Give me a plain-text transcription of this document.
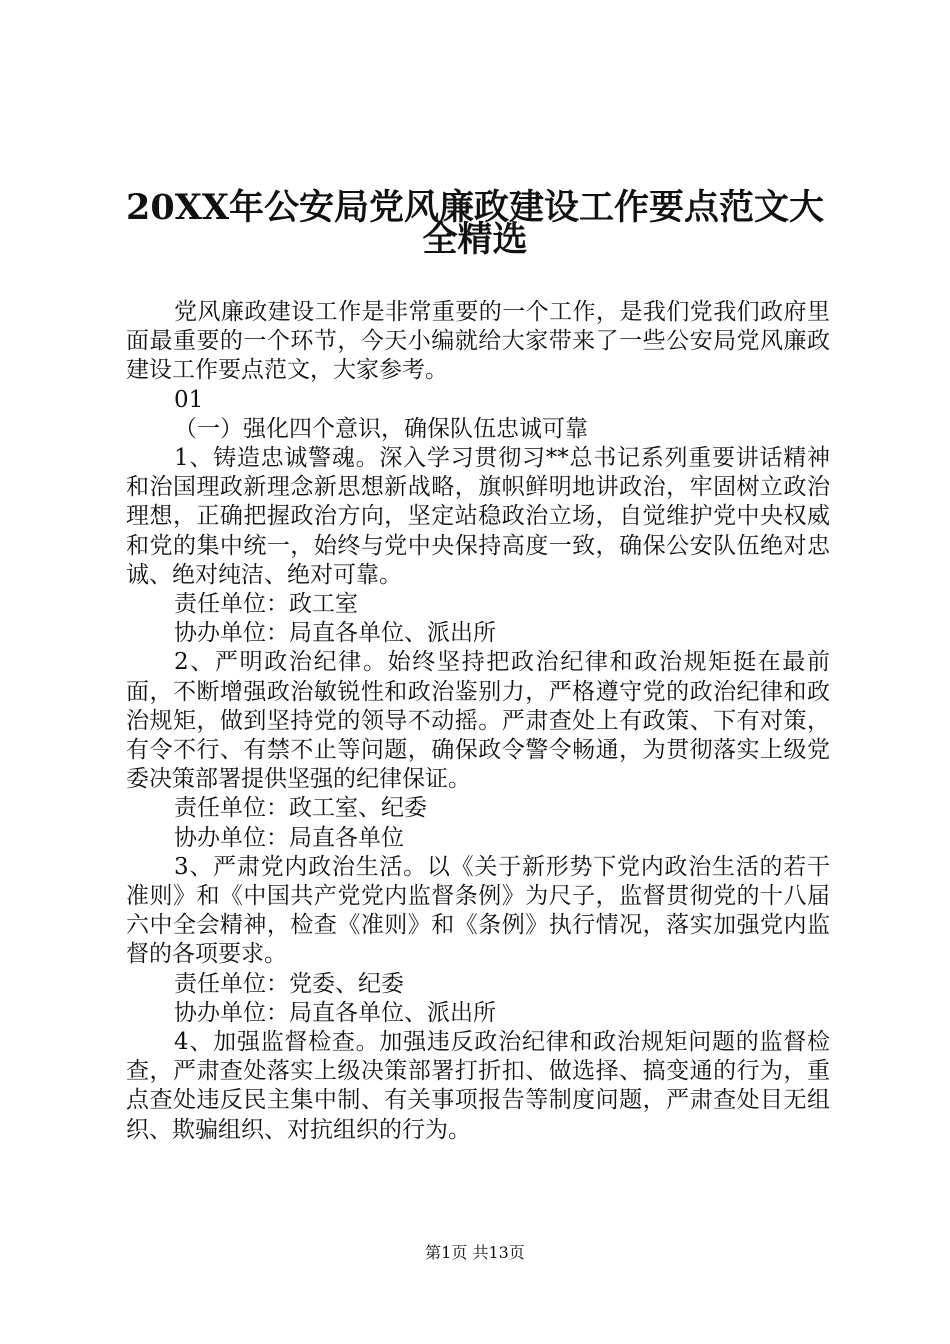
20XX年公安局党风廉政建设工作要点范文大
全精选

党风廉政建设工作是非常重要的一个工作，是我们党我们政府里面最重要的一个环节，今天小编就给大家带来了一些公安局党风廉政建设工作要点范文，大家参考。

01

（一）强化四个意识，确保队伍忠诚可靠

1、铸造忠诚警魂。深入学习贯彻习**总书记系列重要讲话精神和治国理政新理念新思想新战略，旗帜鲜明地讲政治，牢固树立政治理想，正确把握政治方向，坚定站稳政治立场，自觉维护党中央权威和党的集中统一，始终与党中央保持高度一致，确保公安队伍绝对忠诚、绝对纯洁、绝对可靠。

责任单位：政工室

协办单位：局直各单位、派出所

2、严明政治纪律。始终坚持把政治纪律和政治规矩挺在最前面，不断增强政治敏锐性和政治鉴别力，严格遵守党的政治纪律和政治规矩，做到坚持党的领导不动摇。严肃查处上有政策、下有对策，有令不行、有禁不止等问题，确保政令警令畅通，为贯彻落实上级党委决策部署提供坚强的纪律保证。

责任单位：政工室、纪委

协办单位：局直各单位

3、严肃党内政治生活。以《关于新形势下党内政治生活的若干准则》和《中国共产党党内监督条例》为尺子，监督贯彻党的十八届六中全会精神，检查《准则》和《条例》执行情况，落实加强党内监督的各项要求。

责任单位：党委、纪委

协办单位：局直各单位、派出所

4、加强监督检查。加强违反政治纪律和政治规矩问题的监督检查，严肃查处落实上级决策部署打折扣、做选择、搞变通的行为，重点查处违反民主集中制、有关事项报告等制度问题，严肃查处目无组织、欺骗组织、对抗组织的行为。

第1页 共13页
